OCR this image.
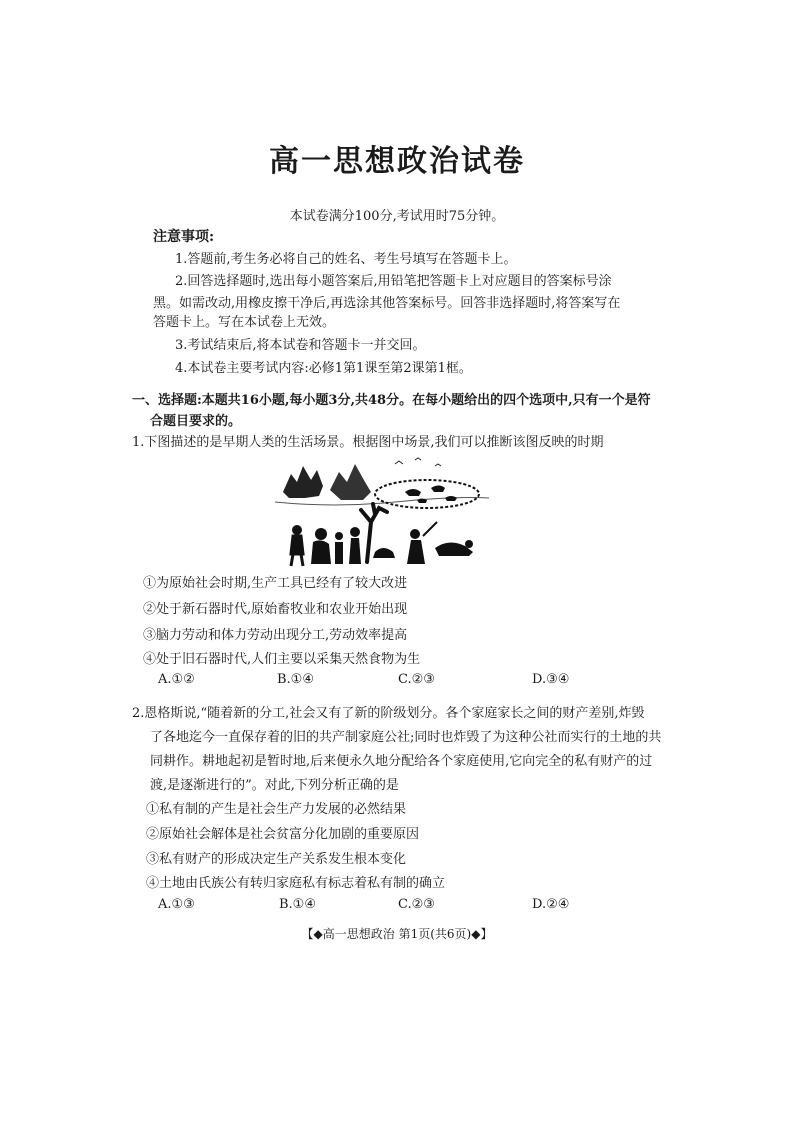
高一思想政治试卷
本试卷满分100分,考试用时75分钟。
注意事项:
1.答题前,考生务必将自己的姓名、考生号填写在答题卡上。
2.回答选择题时,选出每小题答案后,用铅笔把答题卡上对应题目的答案标号涂
黑。如需改动,用橡皮擦干净后,再选涂其他答案标号。回答非选择题时,将答案写在
答题卡上。写在本试卷上无效。
3.考试结束后,将本试卷和答题卡一并交回。
4.本试卷主要考试内容:必修1第1课至第2课第1框。
一、选择题:本题共16小题,每小题3分,共48分。在每小题给出的四个选项中,只有一个是符
合题目要求的。
1.下图描述的是早期人类的生活场景。根据图中场景,我们可以推断该图反映的时期
①为原始社会时期,生产工具已经有了较大改进
②处于新石器时代,原始畜牧业和农业开始出现
③脑力劳动和体力劳动出现分工,劳动效率提高
④处于旧石器时代,人们主要以采集天然食物为生
A.①②	B.①④	C.②③	D.③④
2.恩格斯说,“随着新的分工,社会又有了新的阶级划分。各个家庭家长之间的财产差别,炸毁
了各地迄今一直保存着的旧的共产制家庭公社;同时也炸毁了为这种公社而实行的土地的共
同耕作。耕地起初是暂时地,后来便永久地分配给各个家庭使用,它向完全的私有财产的过
渡,是逐渐进行的”。对此,下列分析正确的是
①私有制的产生是社会生产力发展的必然结果
②原始社会解体是社会贫富分化加剧的重要原因
③私有财产的形成决定生产关系发生根本变化
④土地由氏族公有转归家庭私有标志着私有制的确立
A.①③	B.①④	C.②③	D.②④
【◆高一思想政治 第1页(共6页)◆】
